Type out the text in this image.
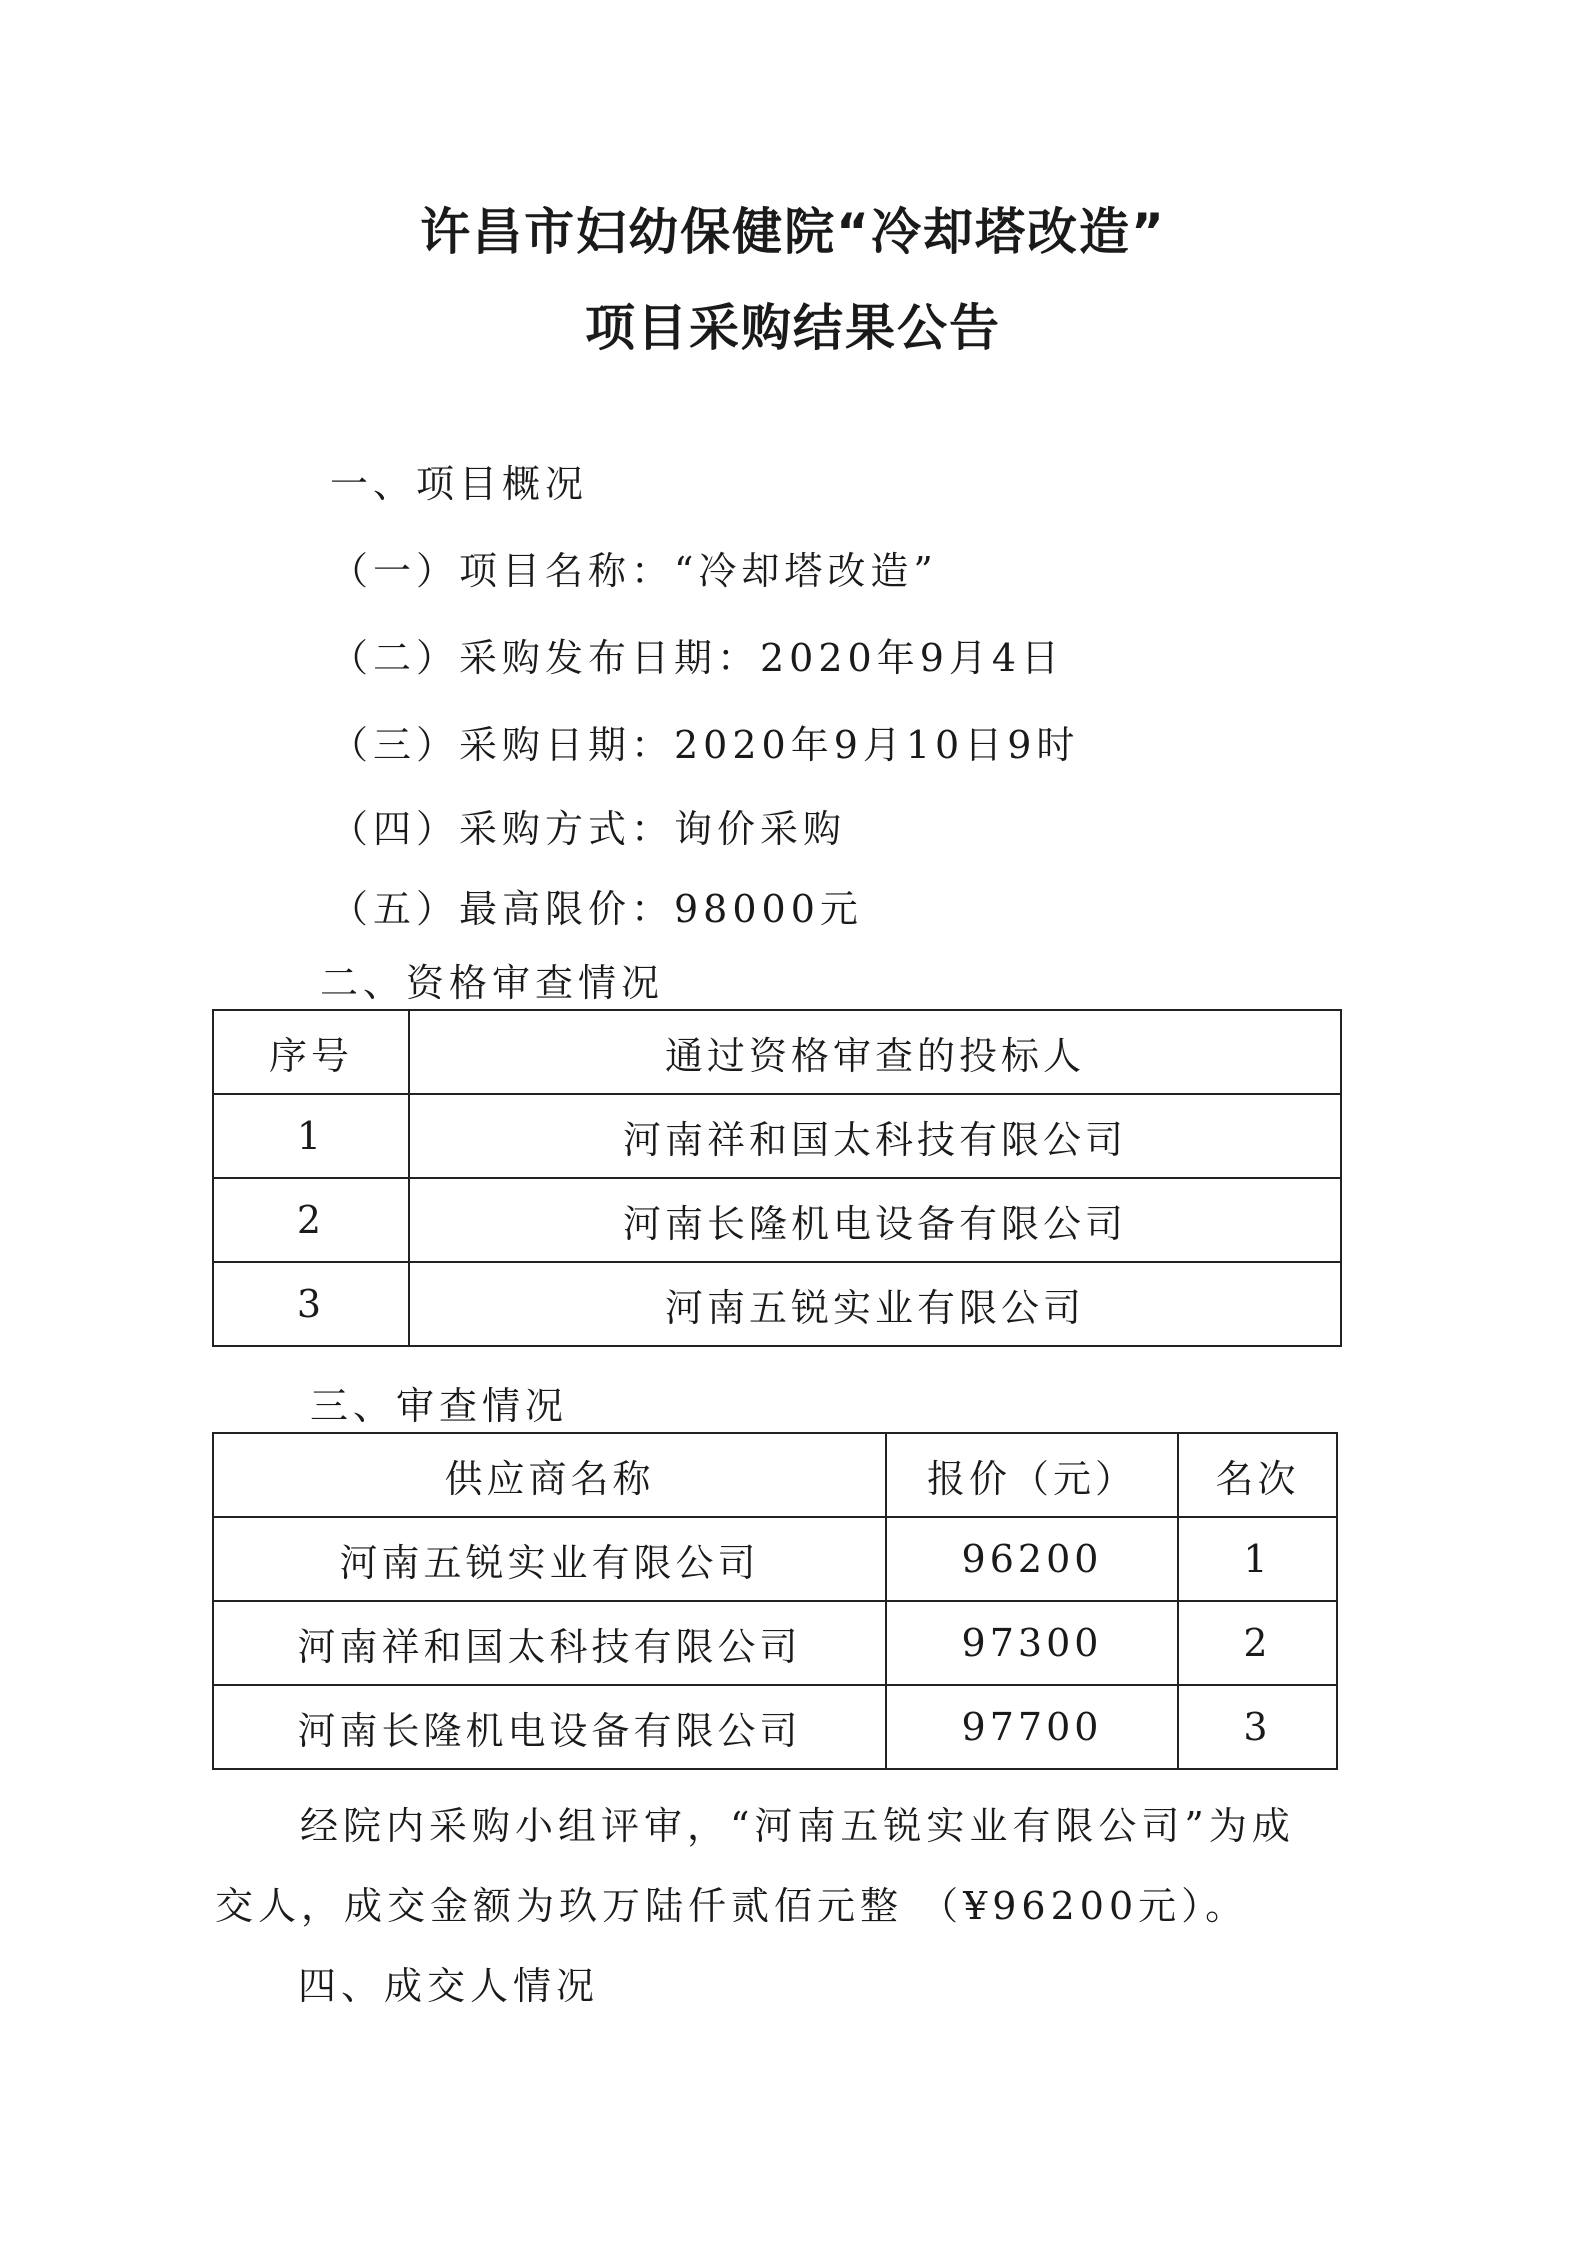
许昌市妇幼保健院“冷却塔改造”
项目采购结果公告

一、项目概况

（一）项目名称：“冷却塔改造”

（二）采购发布日期：2020年9月4日

（三）采购日期：2020年9月10日9时

（四）采购方式：询价采购

（五）最高限价：98000元

二、资格审查情况

序号	通过资格审查的投标人
1	河南祥和国太科技有限公司
2	河南长隆机电设备有限公司
3	河南五锐实业有限公司

三、审查情况

供应商名称	报价（元）	名次
河南五锐实业有限公司	96200	1
河南祥和国太科技有限公司	97300	2
河南长隆机电设备有限公司	97700	3

经院内采购小组评审，“河南五锐实业有限公司”为成

交人，成交金额为玖万陆仟贰佰元整 （¥96200元）。

四、成交人情况
